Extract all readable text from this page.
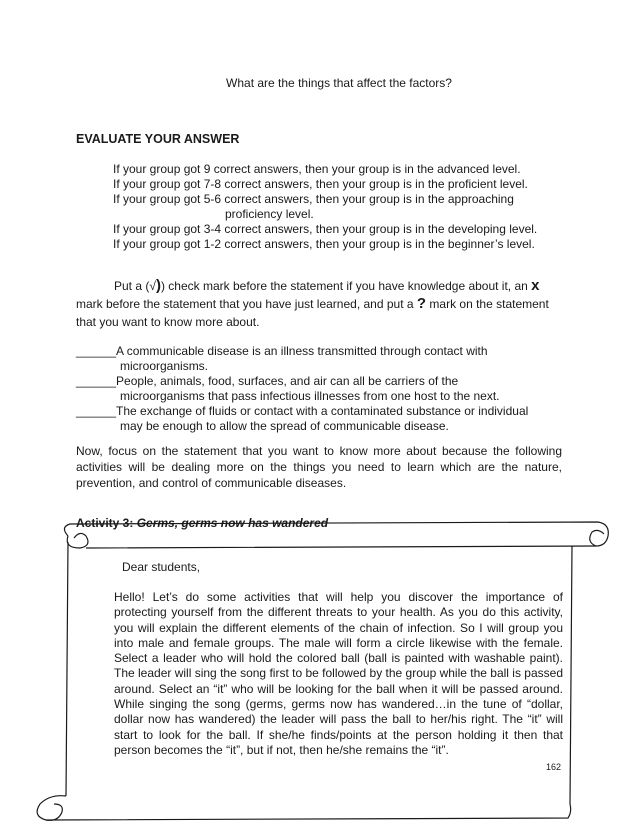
What are the things that affect the factors?
EVALUATE YOUR ANSWER
If your group got 9 correct answers, then your group is in the advanced level.
If your group got 7-8 correct answers, then your group is in the proficient level.
If your group got 5-6 correct answers, then your group is in the approaching
proficiency level.
If your group got 3-4 correct answers, then your group is in the developing level.
If your group got 1-2 correct answers, then your group is in the beginner’s level.
Put a (√)) check mark before the statement if you have knowledge about it, an x mark before the statement that you have just learned, and put a ? mark on the statement that you want to know more about.
______A communicable disease is an illness transmitted through contact with
microorganisms.
______People, animals, food, surfaces, and air can all be carriers of the
microorganisms that pass infectious illnesses from one host to the next.
______The exchange of fluids or contact with a contaminated substance or individual
may be enough to allow the spread of communicable disease.
Now, focus on the statement that you want to know more about because the following activities will be dealing more on the things you need to learn which are the nature, prevention, and control of communicable diseases.
Activity 3: Germs, germs now has wandered
Dear students,
Hello! Let’s do some activities that will help you discover the importance of protecting yourself from the different threats to your health. As you do this activity, you will explain the different elements of the chain of infection. So I will group you into male and female groups. The male will form a circle likewise with the female. Select a leader who will hold the colored ball (ball is painted with washable paint). The leader will sing the song first to be followed by the group while the ball is passed around. Select an “it” who will be looking for the ball when it will be passed around. While singing the song (germs, germs now has wandered…in the tune of “dollar, dollar now has wandered) the leader will pass the ball to her/his right. The “it” will start to look for the ball. If she/he finds/points at the person holding it then that person becomes the “it”, but if not, then he/she remains the “it”.
162
